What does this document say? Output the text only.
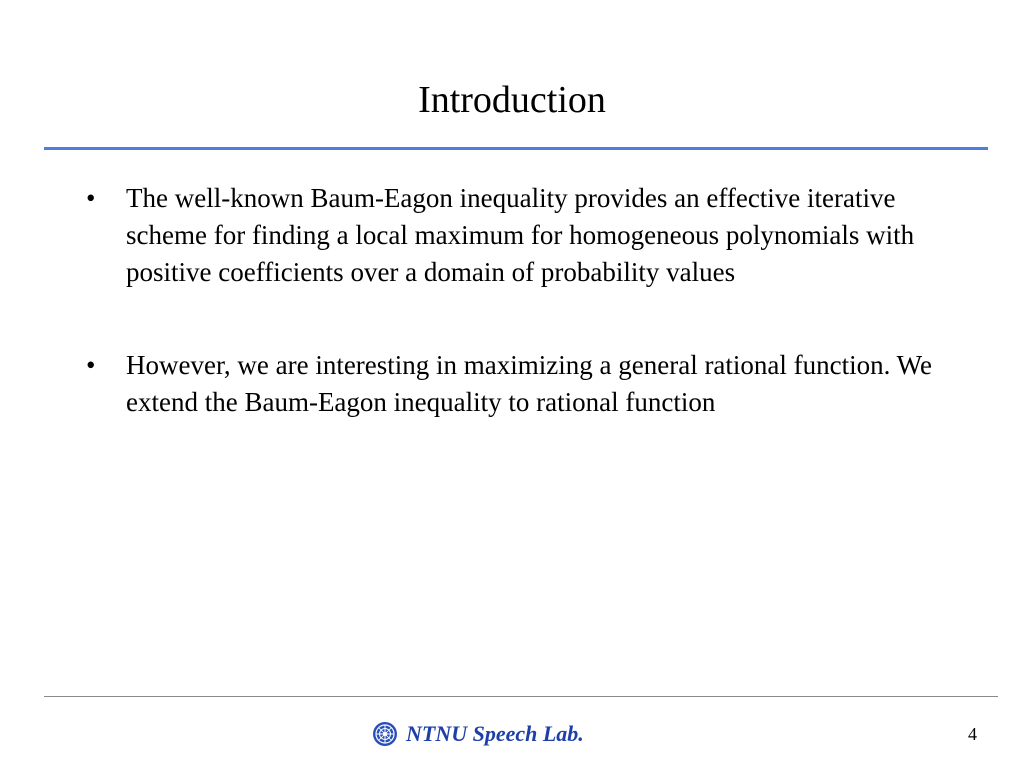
Introduction
• The well-known Baum-Eagon inequality provides an effective iterative scheme for finding a local maximum for homogeneous polynomials with positive coefficients over a domain of probability values
• However, we are interesting in maximizing a general rational function. We extend the Baum-Eagon inequality to rational function
NTNU Speech Lab.	4
